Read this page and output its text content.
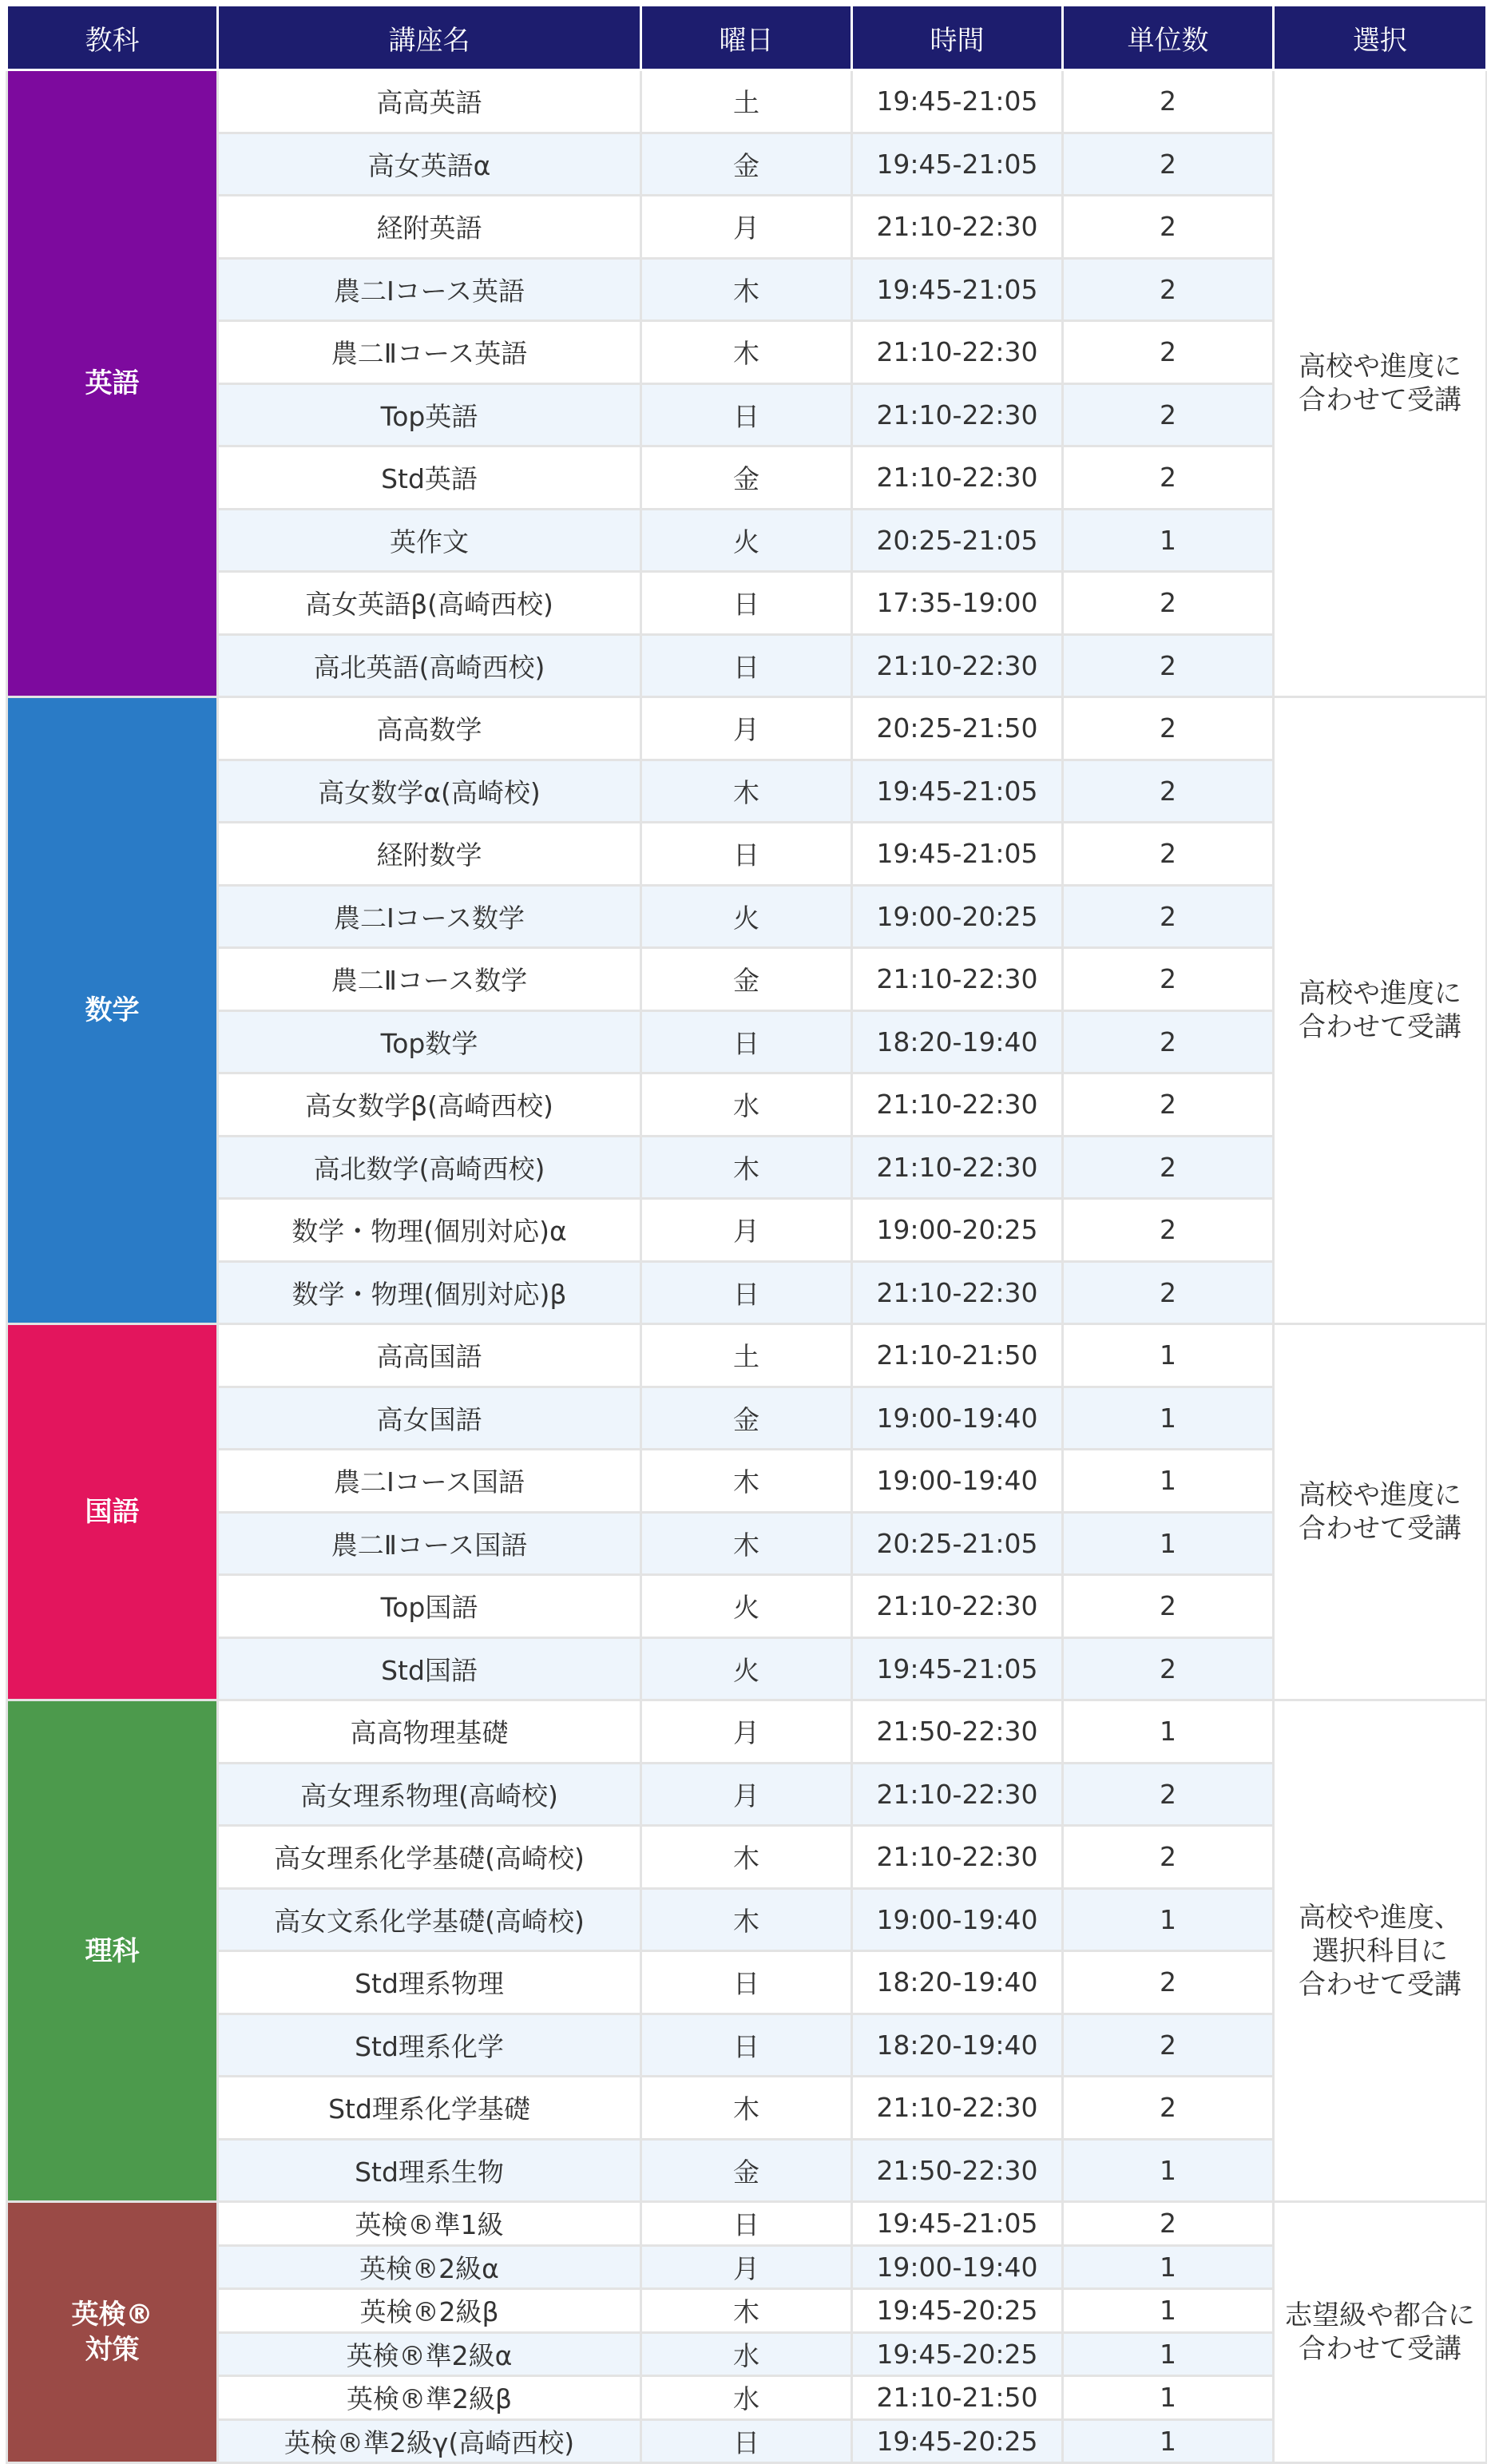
教科	講座名	曜日	時間	単位数	選択
英語	高高英語	土	19:45-21:05	2	高校や進度に
合わせて受講
	高女英語α	金	19:45-21:05	2	
	経附英語	月	21:10-22:30	2	
	農二Ⅰコース英語	木	19:45-21:05	2	
	農二Ⅱコース英語	木	21:10-22:30	2	
	Top英語	日	21:10-22:30	2	
	Std英語	金	21:10-22:30	2	
	英作文	火	20:25-21:05	1	
	高女英語β(高崎西校)	日	17:35-19:00	2	
	高北英語(高崎西校)	日	21:10-22:30	2	
数学	高高数学	月	20:25-21:50	2	高校や進度に
合わせて受講
	高女数学α(高崎校)	木	19:45-21:05	2	
	経附数学	日	19:45-21:05	2	
	農二Ⅰコース数学	火	19:00-20:25	2	
	農二Ⅱコース数学	金	21:10-22:30	2	
	Top数学	日	18:20-19:40	2	
	高女数学β(高崎西校)	水	21:10-22:30	2	
	高北数学(高崎西校)	木	21:10-22:30	2	
	数学・物理(個別対応)α	月	19:00-20:25	2	
	数学・物理(個別対応)β	日	21:10-22:30	2	
国語	高高国語	土	21:10-21:50	1	高校や進度に
合わせて受講
	高女国語	金	19:00-19:40	1	
	農二Ⅰコース国語	木	19:00-19:40	1	
	農二Ⅱコース国語	木	20:25-21:05	1	
	Top国語	火	21:10-22:30	2	
	Std国語	火	19:45-21:05	2	
理科	高高物理基礎	月	21:50-22:30	1	高校や進度、
選択科目に
合わせて受講
	高女理系物理(高崎校)	月	21:10-22:30	2	
	高女理系化学基礎(高崎校)	木	21:10-22:30	2	
	高女文系化学基礎(高崎校)	木	19:00-19:40	1	
	Std理系物理	日	18:20-19:40	2	
	Std理系化学	日	18:20-19:40	2	
	Std理系化学基礎	木	21:10-22:30	2	
	Std理系生物	金	21:50-22:30	1	
英検®
対策	英検®準1級	日	19:45-21:05	2	志望級や都合に
合わせて受講
	英検®2級α	月	19:00-19:40	1	
	英検®2級β	木	19:45-20:25	1	
	英検®準2級α	水	19:45-20:25	1	
	英検®準2級β	水	21:10-21:50	1	
	英検®準2級γ(高崎西校)	日	19:45-20:25	1	
